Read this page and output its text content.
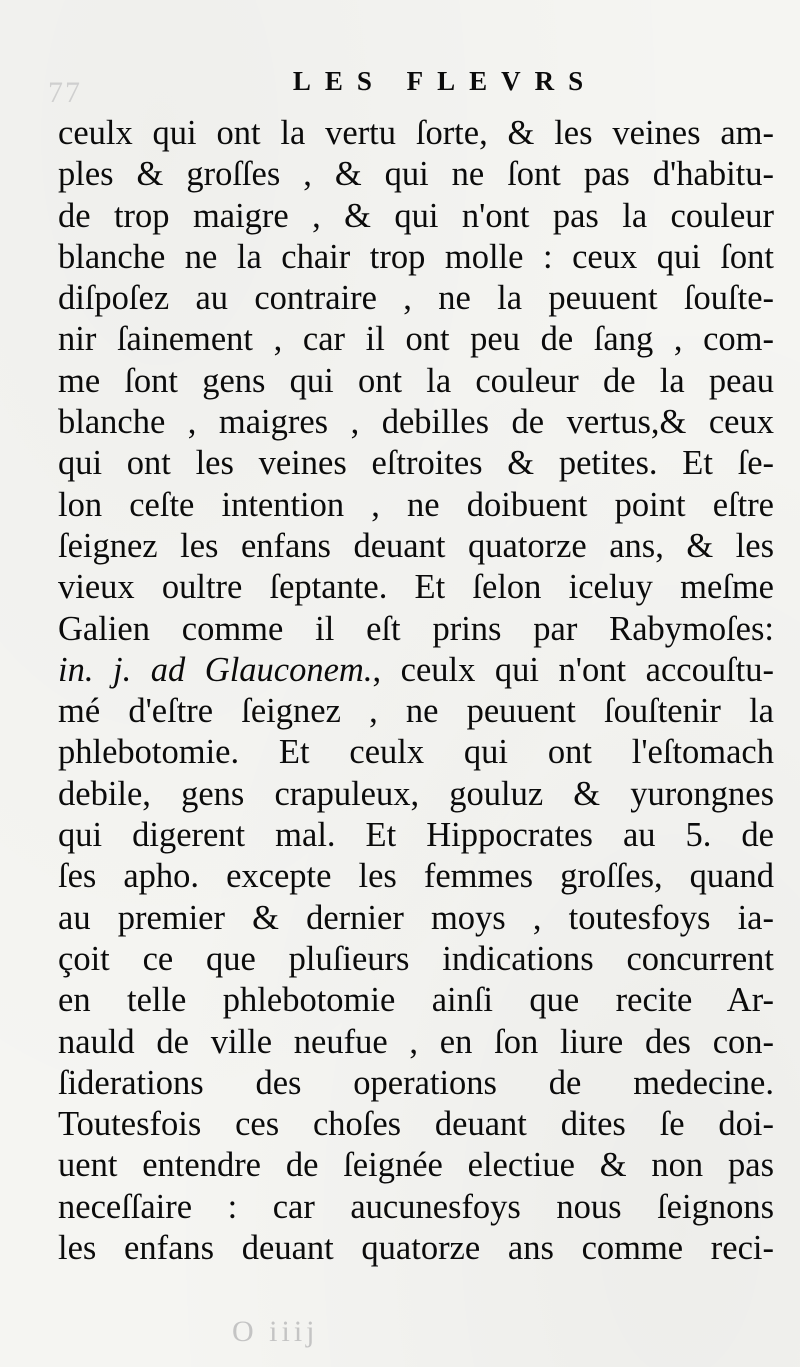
77	LES FLEVRS
ceulx qui ont la vertu ſorte, & les veines am-
ples & groſſes , & qui ne ſont pas d'habitu-
de trop maigre , & qui n'ont pas la couleur
blanche ne la chair trop molle : ceux qui ſont
diſpoſez au contraire , ne la peuuent ſouſte-
nir ſainement , car il ont peu de ſang , com-
me ſont gens qui ont la couleur de la peau
blanche , maigres , debilles de vertus,& ceux
qui ont les veines eſtroites & petites. Et ſe-
lon ceſte intention , ne doibuent point eſtre
ſeignez les enfans deuant quatorze ans, & les
vieux oultre ſeptante. Et ſelon iceluy meſme
Galien comme il eſt prins par Rabymoſes:
in. j. ad Glauconem., ceulx qui n'ont accouſtu-
mé d'eſtre ſeignez , ne peuuent ſouſtenir la
phlebotomie. Et ceulx qui ont l'eſtomach
debile, gens crapuleux, gouluz & yurongnes
qui digerent mal. Et Hippocrates au 5. de
ſes apho. excepte les femmes groſſes, quand
au premier & dernier moys , toutesfoys ia-
çoit ce que pluſieurs indications concurrent
en telle phlebotomie ainſi que recite Ar-
nauld de ville neufue , en ſon liure des con-
ſiderations des operations de medecine.
Toutesfois ces choſes deuant dites ſe doi-
uent entendre de ſeignée electiue & non pas
neceſſaire : car aucunesfoys nous ſeignons
les enfans deuant quatorze ans comme reci-
O iiij
